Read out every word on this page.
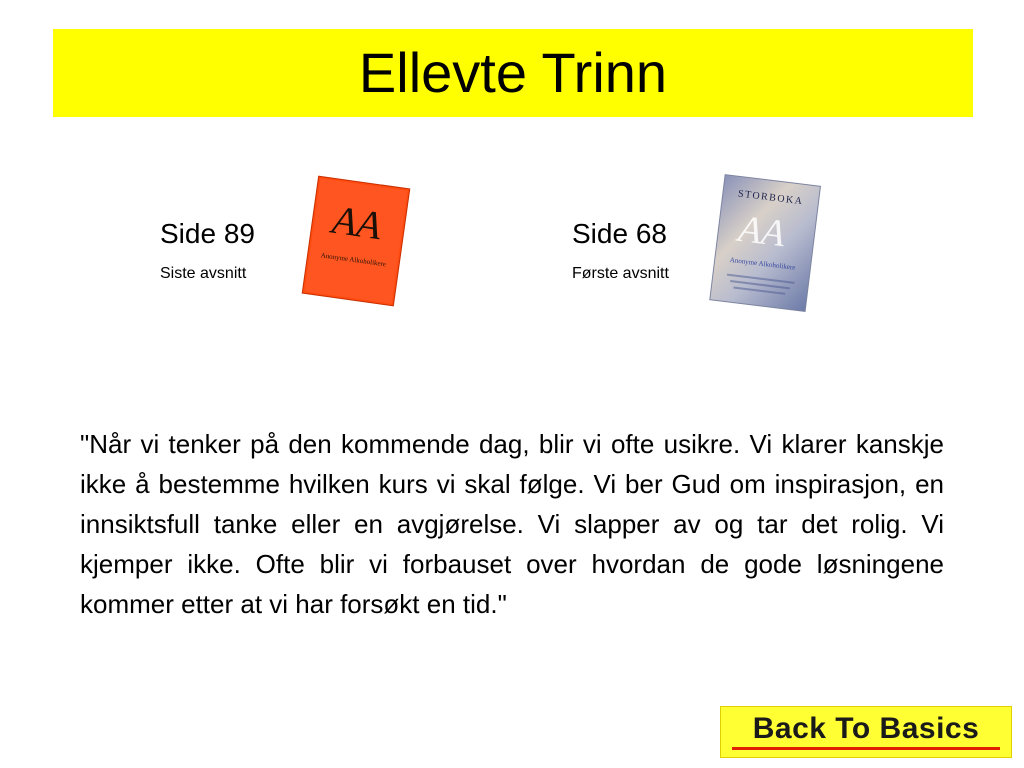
Ellevte Trinn
Side 89
Siste avsnitt
AA
Anonyme Alkoholikere
Side 68
Første avsnitt
STORBOKA
AA
Anonyme Alkoholikere

"Når vi tenker på den kommende dag, blir vi ofte usikre. Vi klarer kanskje ikke å bestemme hvilken kurs vi skal følge. Vi ber Gud om inspirasjon, en innsiktsfull tanke eller en avgjørelse. Vi slapper av og tar det rolig. Vi kjemper ikke. Ofte blir vi forbauset over hvordan de gode løsningene kommer etter at vi har forsøkt en tid."

Back To Basics
